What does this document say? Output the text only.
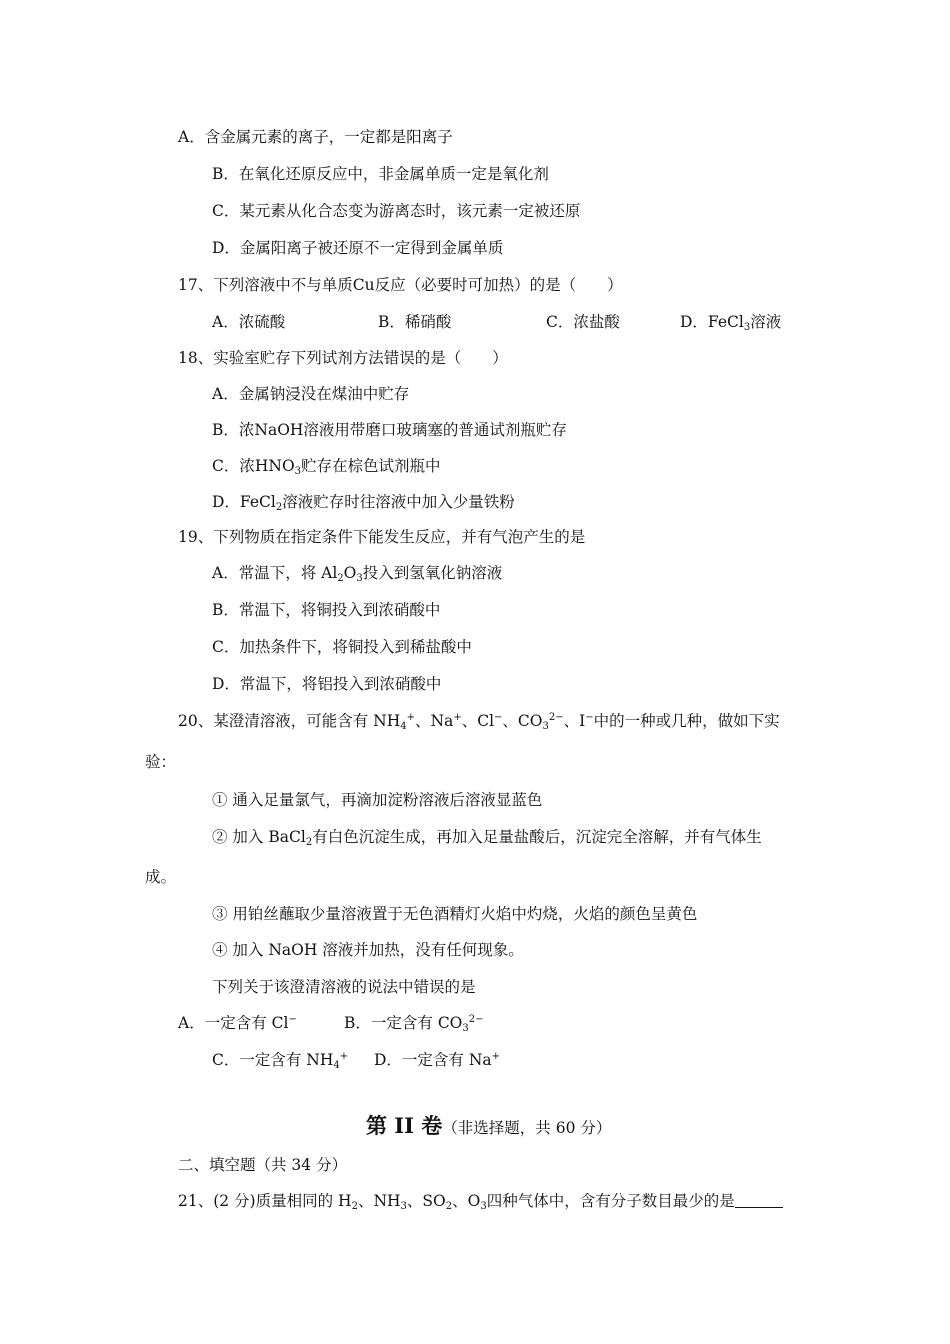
A．含金属元素的离子，一定都是阳离子
B．在氧化还原反应中，非金属单质一定是氧化剂
C．某元素从化合态变为游离态时，该元素一定被还原
D．金属阳离子被还原不一定得到金属单质
17、下列溶液中不与单质Cu反应（必要时可加热）的是（　　）
A．浓硫酸	B．稀硝酸	C．浓盐酸	D．FeCl$_3$溶液
18、实验室贮存下列试剂方法错误的是（　　）
A．金属钠浸没在煤油中贮存
B．浓NaOH溶液用带磨口玻璃塞的普通试剂瓶贮存
C．浓$HNO_3$贮存在棕色试剂瓶中
D．FeCl$_2$溶液贮存时往溶液中加入少量铁粉
19、下列物质在指定条件下能发生反应，并有气泡产生的是
A．常温下，将 $Al_2O_3$投入到氢氧化钠溶液
B．常温下，将铜投入到浓硝酸中
C．加热条件下，将铜投入到稀盐酸中
D．常温下，将铝投入到浓硝酸中
20、某澄清溶液，可能含有 $NH_4^+$、Na+、Cl−、$CO_3^{2-}$、I−中的一种或几种，做如下实
验：
① 通入足量氯气，再滴加淀粉溶液后溶液显蓝色
② 加入 BaCl$_2$有白色沉淀生成，再加入足量盐酸后，沉淀完全溶解，并有气体生
成。
③ 用铂丝蘸取少量溶液置于无色酒精灯火焰中灼烧，火焰的颜色呈黄色
④ 加入 NaOH 溶液并加热，没有任何现象。
下列关于该澄清溶液的说法中错误的是
A．一定含有 Cl−	B．一定含有 $CO_3^{2-}$
C．一定含有 $NH_4^+$ D．一定含有 Na+
第 II 卷（非选择题，共 60 分）
二、填空题（共 34 分）
21、(2 分)质量相同的 $H_2$、$NH_3$、$SO_2$、$O_3$四种气体中，含有分子数目最少的是
